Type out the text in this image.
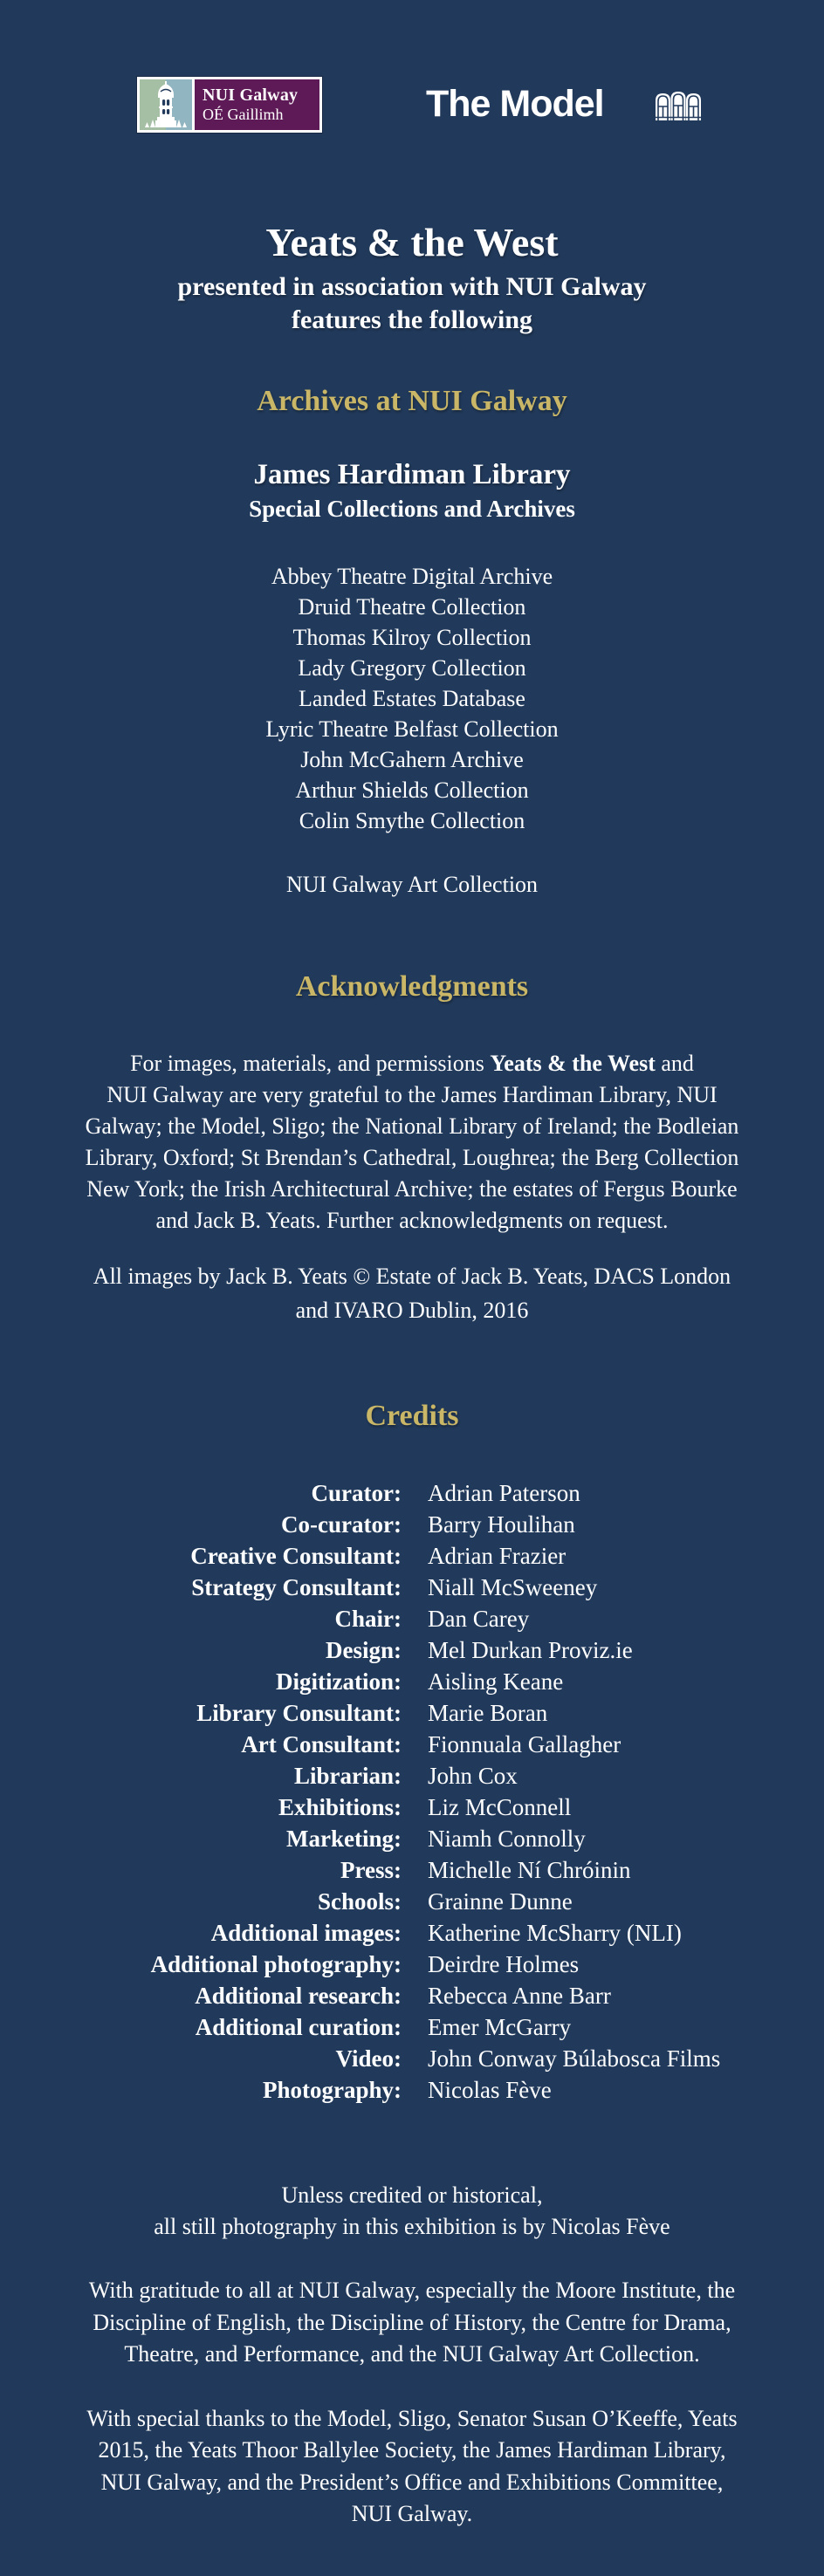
NUI Galway
OÉ Gaillimh	The Model
Yeats & the West
presented in association with NUI Galway
features the following
Archives at NUI Galway
James Hardiman Library
Special Collections and Archives
Abbey Theatre Digital Archive
Druid Theatre Collection
Thomas Kilroy Collection
Lady Gregory Collection
Landed Estates Database
Lyric Theatre Belfast Collection
John McGahern Archive
Arthur Shields Collection
Colin Smythe Collection
NUI Galway Art Collection
Acknowledgments
For images, materials, and permissions Yeats & the West and
NUI Galway are very grateful to the James Hardiman Library, NUI
Galway; the Model, Sligo; the National Library of Ireland; the Bodleian
Library, Oxford; St Brendan’s Cathedral, Loughrea; the Berg Collection
New York; the Irish Architectural Archive; the estates of Fergus Bourke
and Jack B. Yeats. Further acknowledgments on request.
All images by Jack B. Yeats © Estate of Jack B. Yeats, DACS London
and IVARO Dublin, 2016
Credits
Curator: Adrian Paterson
Co-curator: Barry Houlihan
Creative Consultant: Adrian Frazier
Strategy Consultant: Niall McSweeney
Chair: Dan Carey
Design: Mel Durkan Proviz.ie
Digitization: Aisling Keane
Library Consultant: Marie Boran
Art Consultant: Fionnuala Gallagher
Librarian: John Cox
Exhibitions: Liz McConnell
Marketing: Niamh Connolly
Press: Michelle Ní Chróinin
Schools: Grainne Dunne
Additional images: Katherine McSharry (NLI)
Additional photography: Deirdre Holmes
Additional research: Rebecca Anne Barr
Additional curation: Emer McGarry
Video: John Conway Búlabosca Films
Photography: Nicolas Fève
Unless credited or historical,
all still photography in this exhibition is by Nicolas Fève
With gratitude to all at NUI Galway, especially the Moore Institute, the
Discipline of English, the Discipline of History, the Centre for Drama,
Theatre, and Performance, and the NUI Galway Art Collection.
With special thanks to the Model, Sligo, Senator Susan O’Keeffe, Yeats
2015, the Yeats Thoor Ballylee Society, the James Hardiman Library,
NUI Galway, and the President’s Office and Exhibitions Committee,
NUI Galway.
